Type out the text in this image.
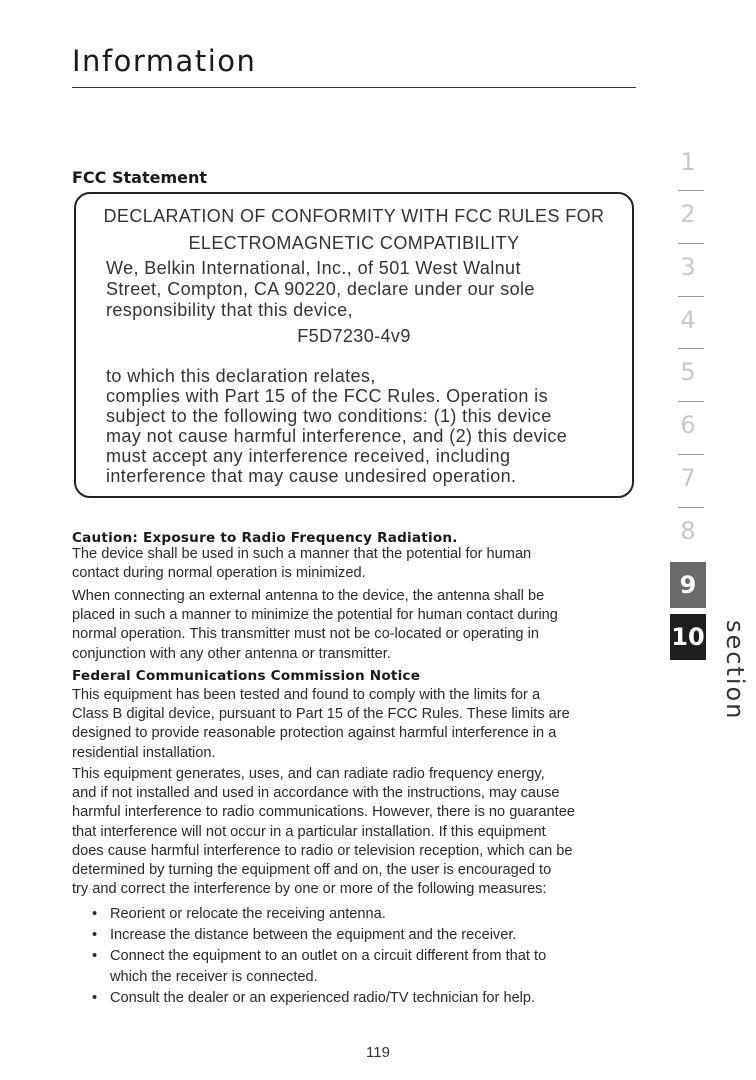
Information
FCC Statement
DECLARATION OF CONFORMITY WITH FCC RULES FOR
ELECTROMAGNETIC COMPATIBILITY
We, Belkin International, Inc., of 501 West Walnut
Street, Compton, CA 90220, declare under our sole
responsibility that this device,
F5D7230-4v9
to which this declaration relates,
complies with Part 15 of the FCC Rules. Operation is
subject to the following two conditions: (1) this device
may not cause harmful interference, and (2) this device
must accept any interference received, including
interference that may cause undesired operation.
Caution: Exposure to Radio Frequency Radiation.

The device shall be used in such a manner that the potential for human

contact during normal operation is minimized.

When connecting an external antenna to the device, the antenna shall be

placed in such a manner to minimize the potential for human contact during

normal operation. This transmitter must not be co-located or operating in

conjunction with any other antenna or transmitter.

Federal Communications Commission Notice

This equipment has been tested and found to comply with the limits for a

Class B digital device, pursuant to Part 15 of the FCC Rules. These limits are

designed to provide reasonable protection against harmful interference in a

residential installation.

This equipment generates, uses, and can radiate radio frequency energy,

and if not installed and used in accordance with the instructions, may cause

harmful interference to radio communications. However, there is no guarantee

that interference will not occur in a particular installation. If this equipment

does cause harmful interference to radio or television reception, which can be

determined by turning the equipment off and on, the user is encouraged to

try and correct the interference by one or more of the following measures:

• Reorient or relocate the receiving antenna.
• Increase the distance between the equipment and the receiver.
• Connect the equipment to an outlet on a circuit different from that to
which the receiver is connected.
• Consult the dealer or an experienced radio/TV technician for help.
119
1
2
3
4
5
6
7
8
9
10 section
